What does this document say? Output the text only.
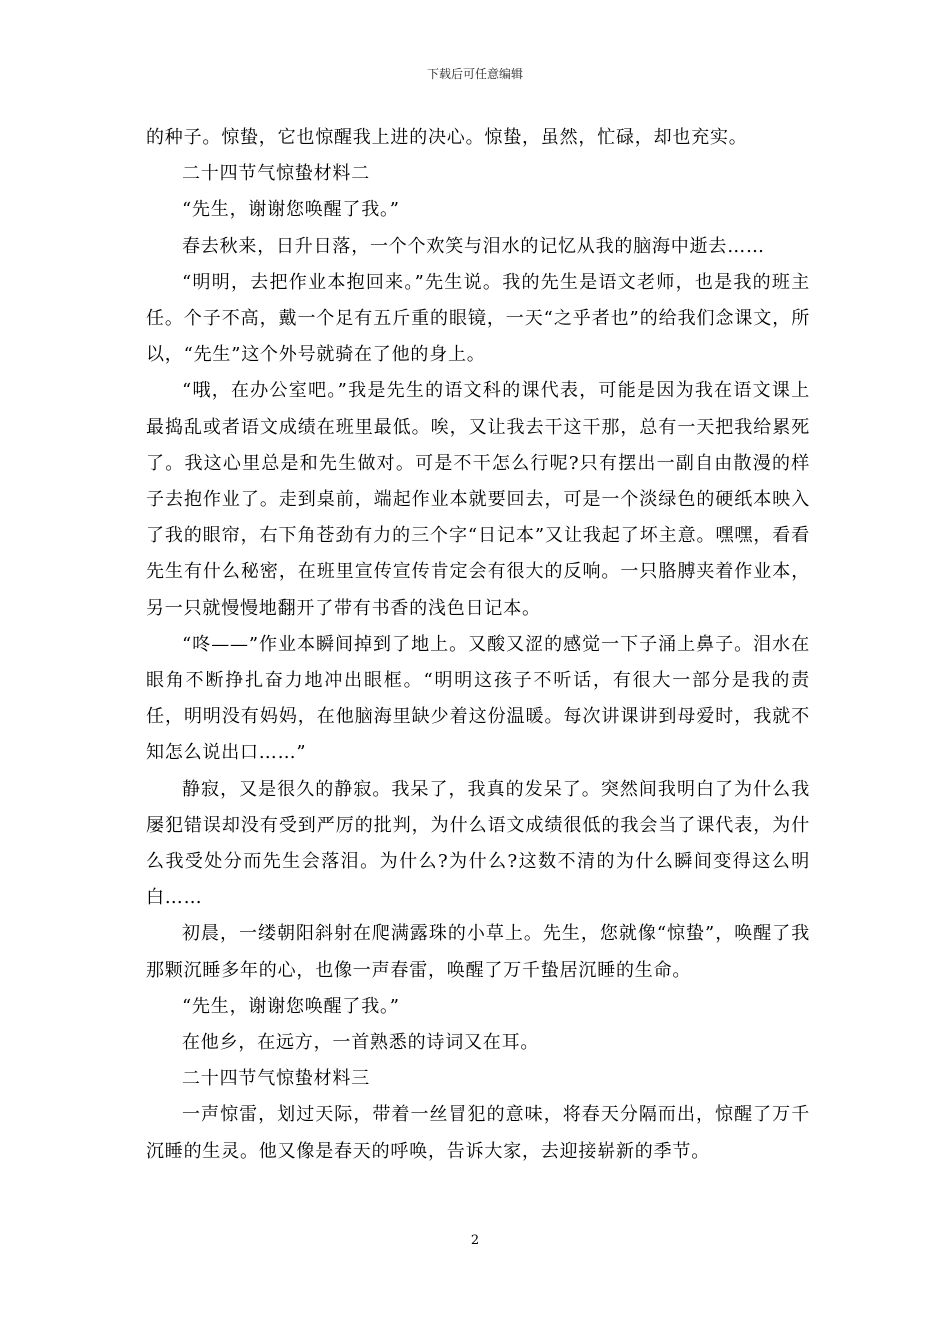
下载后可任意编辑

的种子。惊蛰，它也惊醒我上进的决心。惊蛰，虽然，忙碌，却也充实。

二十四节气惊蛰材料二

“先生，谢谢您唤醒了我。”

春去秋来，日升日落，一个个欢笑与泪水的记忆从我的脑海中逝去……

“明明，去把作业本抱回来。”先生说。我的先生是语文老师，也是我的班主任。个子不高，戴一个足有五斤重的眼镜，一天“之乎者也”的给我们念课文，所以，“先生”这个外号就骑在了他的身上。

“哦，在办公室吧。”我是先生的语文科的课代表，可能是因为我在语文课上最捣乱或者语文成绩在班里最低。唉，又让我去干这干那，总有一天把我给累死了。我这心里总是和先生做对。可是不干怎么行呢?只有摆出一副自由散漫的样子去抱作业了。走到桌前，端起作业本就要回去，可是一个淡绿色的硬纸本映入了我的眼帘，右下角苍劲有力的三个字“日记本”又让我起了坏主意。嘿嘿，看看先生有什么秘密，在班里宣传宣传肯定会有很大的反响。一只胳膊夹着作业本，另一只就慢慢地翻开了带有书香的浅色日记本。

“咚——”作业本瞬间掉到了地上。又酸又涩的感觉一下子涌上鼻子。泪水在眼角不断挣扎奋力地冲出眼框。“明明这孩子不听话，有很大一部分是我的责任，明明没有妈妈，在他脑海里缺少着这份温暖。每次讲课讲到母爱时，我就不知怎么说出口……”

静寂，又是很久的静寂。我呆了，我真的发呆了。突然间我明白了为什么我屡犯错误却没有受到严厉的批判，为什么语文成绩很低的我会当了课代表，为什么我受处分而先生会落泪。为什么?为什么?这数不清的为什么瞬间变得这么明白……

初晨，一缕朝阳斜射在爬满露珠的小草上。先生，您就像“惊蛰”，唤醒了我那颗沉睡多年的心，也像一声春雷，唤醒了万千蛰居沉睡的生命。

“先生，谢谢您唤醒了我。”

在他乡，在远方，一首熟悉的诗词又在耳。

二十四节气惊蛰材料三

一声惊雷，划过天际，带着一丝冒犯的意味，将春天分隔而出，惊醒了万千沉睡的生灵。他又像是春天的呼唤，告诉大家，去迎接崭新的季节。

2
